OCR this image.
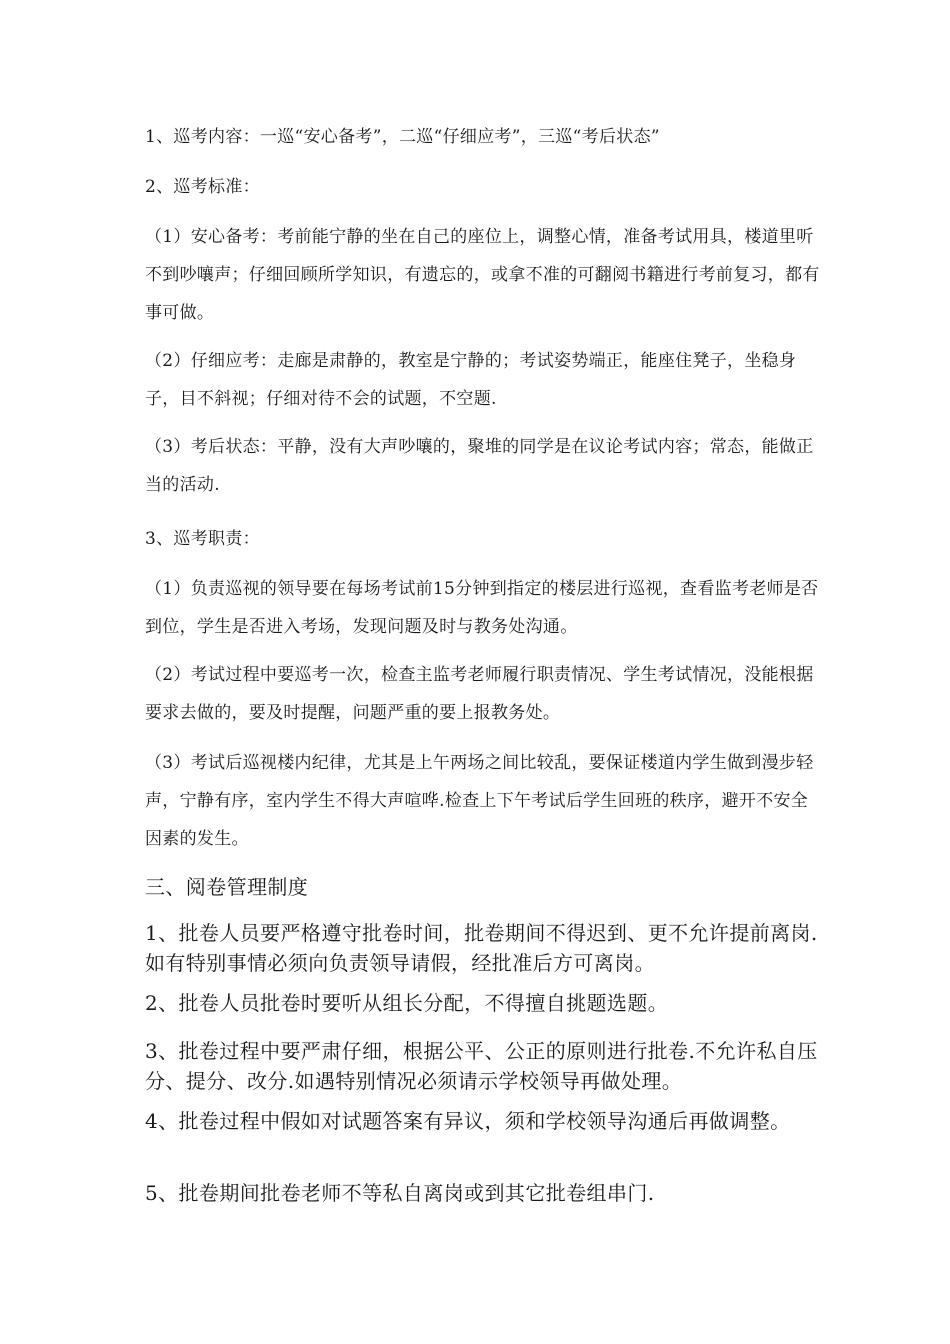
1、巡考内容：一巡“安心备考”，二巡“仔细应考”，三巡“考后状态”

2、巡考标准：

（1）安心备考：考前能宁静的坐在自己的座位上，调整心情，准备考试用具，楼道里听不到吵嚷声；仔细回顾所学知识，有遗忘的，或拿不准的可翻阅书籍进行考前复习，都有事可做。

（2）仔细应考：走廊是肃静的，教室是宁静的；考试姿势端正，能座住凳子，坐稳身子，目不斜视；仔细对待不会的试题，不空题.

（3）考后状态：平静，没有大声吵嚷的，聚堆的同学是在议论考试内容；常态，能做正当的活动.

3、巡考职责：

（1）负责巡视的领导要在每场考试前15分钟到指定的楼层进行巡视，查看监考老师是否到位，学生是否进入考场，发现问题及时与教务处沟通。

（2）考试过程中要巡考一次，检查主监考老师履行职责情况、学生考试情况，没能根据要求去做的，要及时提醒，问题严重的要上报教务处。

（3）考试后巡视楼内纪律，尤其是上午两场之间比较乱，要保证楼道内学生做到漫步轻声，宁静有序，室内学生不得大声喧哗.检查上下午考试后学生回班的秩序，避开不安全因素的发生。

三、阅卷管理制度

1、批卷人员要严格遵守批卷时间，批卷期间不得迟到、更不允许提前离岗.如有特别事情必须向负责领导请假，经批准后方可离岗。

2、批卷人员批卷时要听从组长分配，不得擅自挑题选题。

3、批卷过程中要严肃仔细，根据公平、公正的原则进行批卷.不允许私自压分、提分、改分.如遇特别情况必须请示学校领导再做处理。

4、批卷过程中假如对试题答案有异议，须和学校领导沟通后再做调整。

5、批卷期间批卷老师不等私自离岗或到其它批卷组串门.
